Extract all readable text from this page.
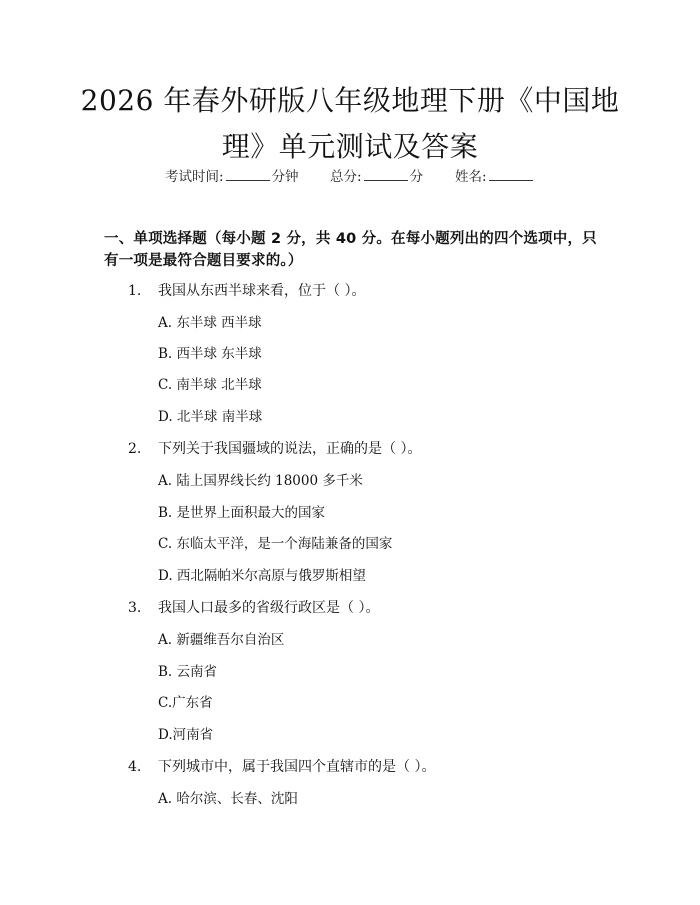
2026 年春外研版八年级地理下册《中国地
理》单元测试及答案
考试时间:	分钟 总分:	分 姓名:
一、单项选择题（每小题 2 分，共 40 分。在每小题列出的四个选项中，只有一项是最符合题目要求的。）
1. 我国从东西半球来看，位于（ ）。
A. 东半球 西半球
B. 西半球 东半球
C. 南半球 北半球
D. 北半球 南半球
2. 下列关于我国疆域的说法，正确的是（ ）。
A. 陆上国界线长约 18000 多千米
B. 是世界上面积最大的国家
C. 东临太平洋，是一个海陆兼备的国家
D. 西北隔帕米尔高原与俄罗斯相望
3. 我国人口最多的省级行政区是（ ）。
A. 新疆维吾尔自治区
B. 云南省
C.广东省
D.河南省
4. 下列城市中，属于我国四个直辖市的是（ ）。
A. 哈尔滨、长春、沈阳
